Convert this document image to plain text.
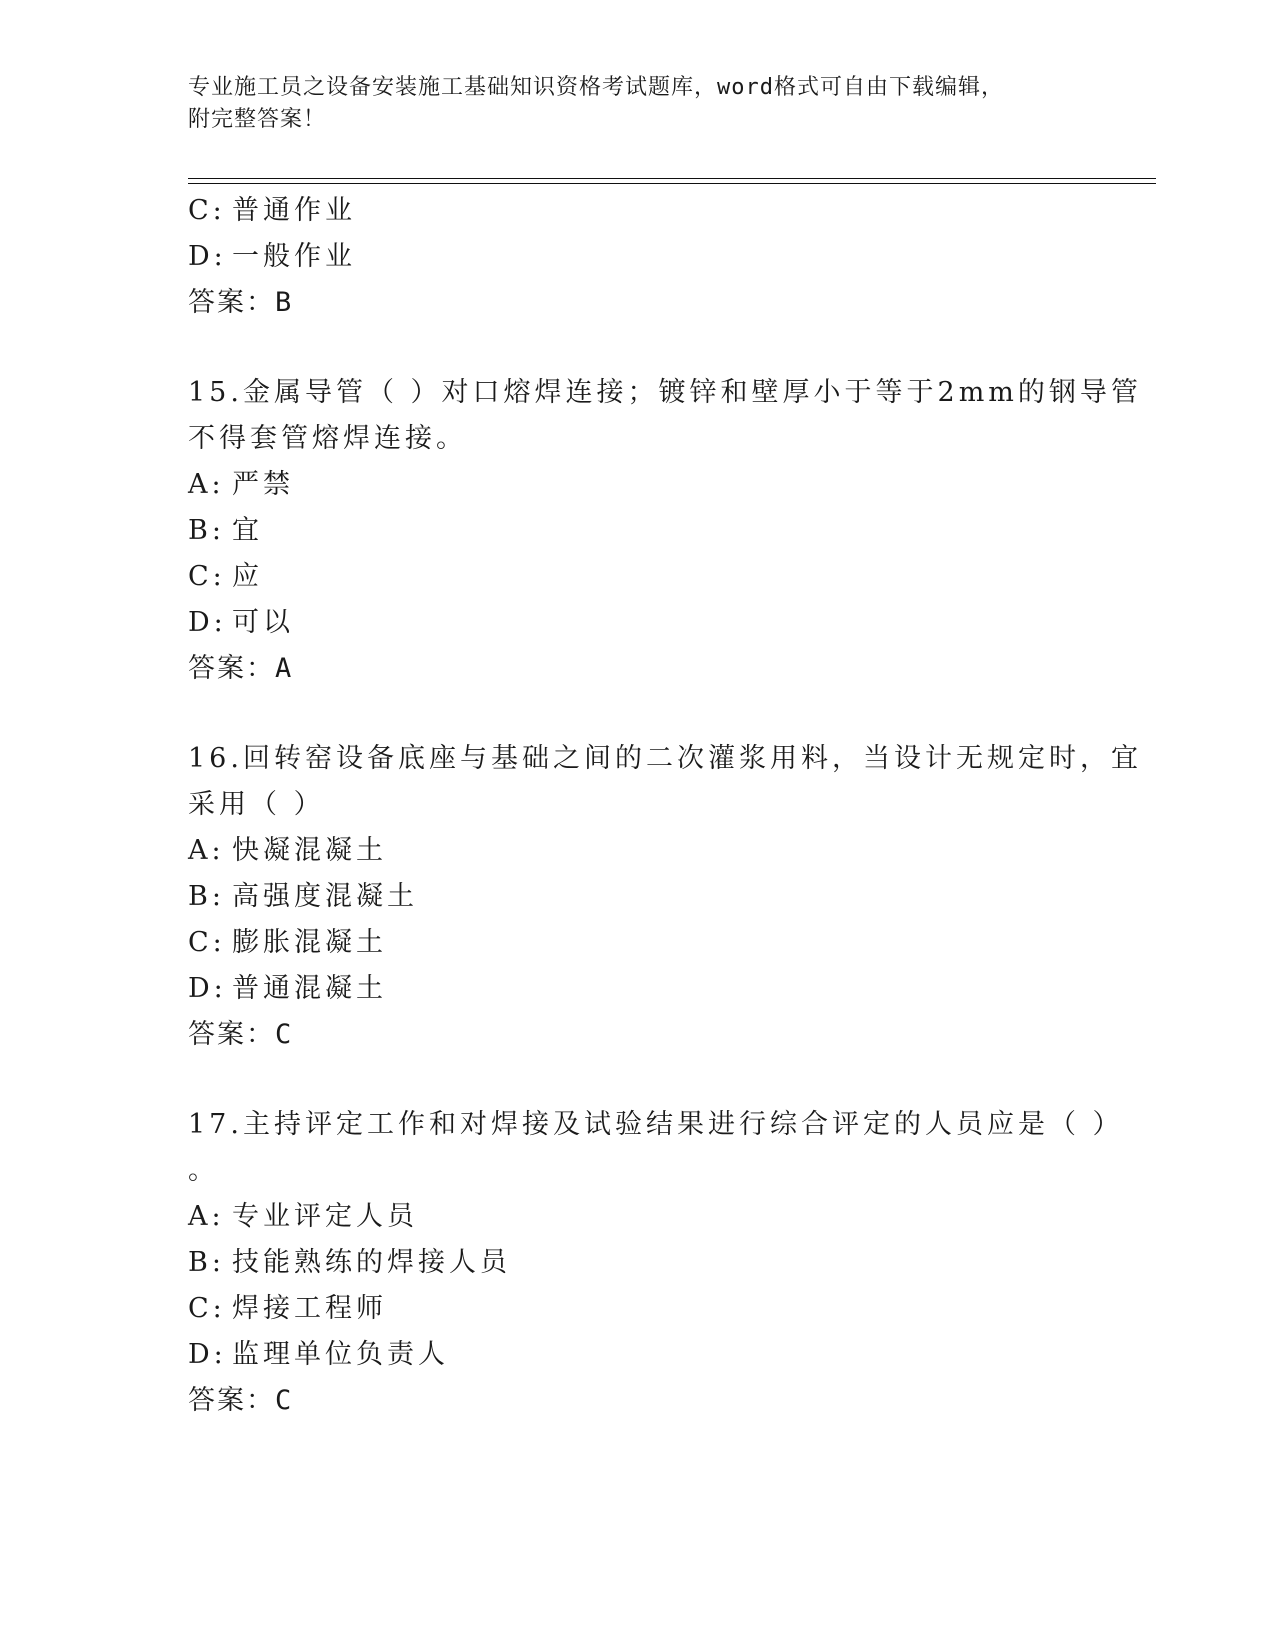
专业施工员之设备安装施工基础知识资格考试题库，word格式可自由下载编辑，
附完整答案！
C: 普通作业
D: 一般作业
答案：B
15.金属导管（ ）对口熔焊连接；镀锌和壁厚小于等于2mm的钢导管
不得套管熔焊连接。
A: 严禁
B: 宜
C: 应
D: 可以
答案：A
16.回转窑设备底座与基础之间的二次灌浆用料，当设计无规定时，宜
采用（ ）
A: 快凝混凝土
B: 高强度混凝土
C: 膨胀混凝土
D: 普通混凝土
答案：C
17.主持评定工作和对焊接及试验结果进行综合评定的人员应是（ ）
。
A: 专业评定人员
B: 技能熟练的焊接人员
C: 焊接工程师
D: 监理单位负责人
答案：C
